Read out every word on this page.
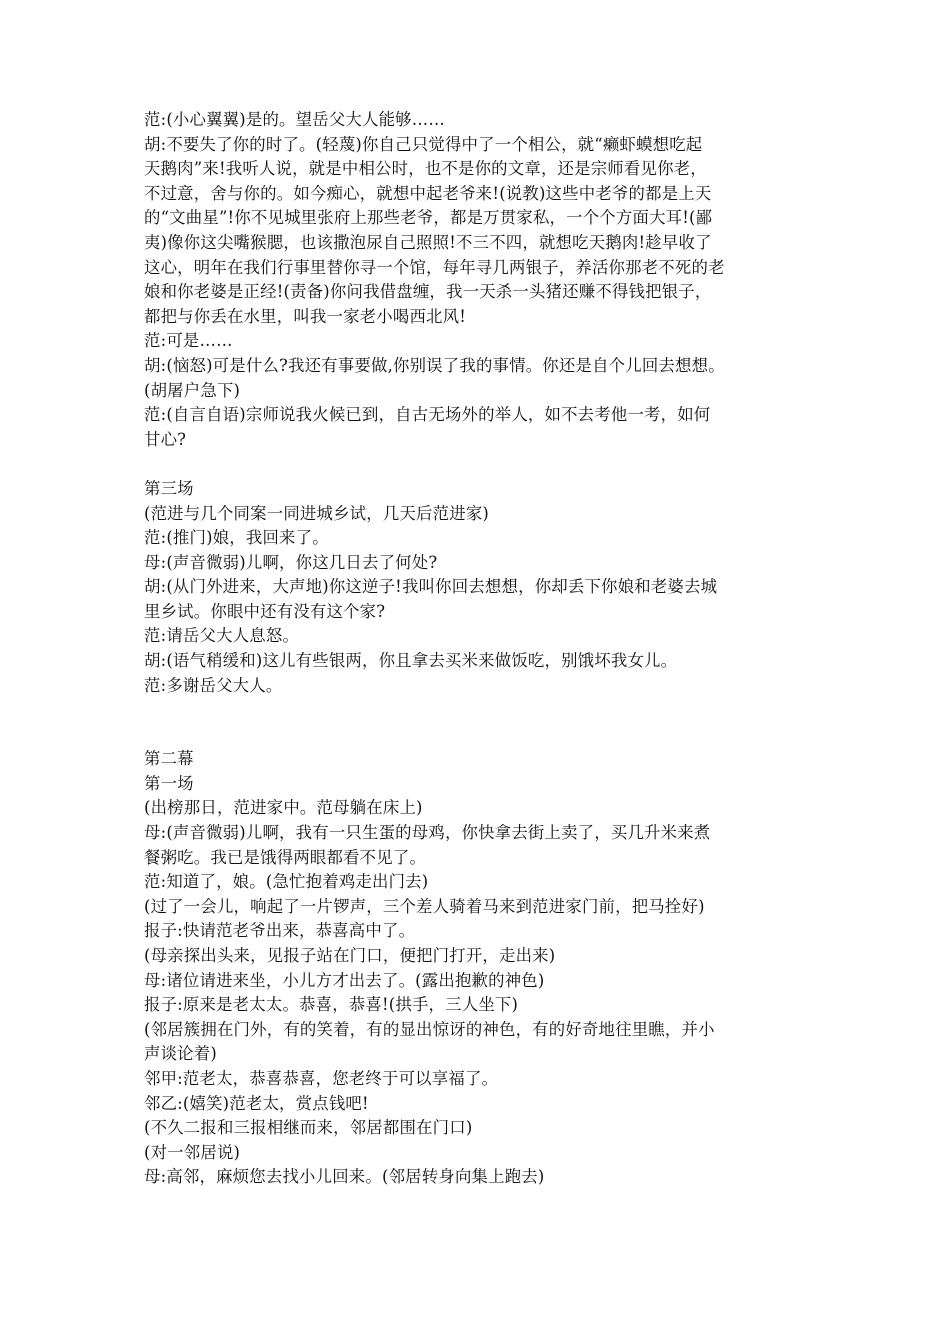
范:(小心翼翼)是的。望岳父大人能够……
胡:不要失了你的时了。(轻蔑)你自己只觉得中了一个相公，就“癞虾蟆想吃起
天鹅肉”来!我听人说，就是中相公时，也不是你的文章，还是宗师看见你老，
不过意，舍与你的。如今痴心，就想中起老爷来!(说教)这些中老爷的都是上天
的“文曲星”!你不见城里张府上那些老爷，都是万贯家私，一个个方面大耳!(鄙
夷)像你这尖嘴猴腮，也该撒泡尿自己照照!不三不四，就想吃天鹅肉!趁早收了
这心，明年在我们行事里替你寻一个馆，每年寻几两银子，养活你那老不死的老
娘和你老婆是正经!(责备)你问我借盘缠，我一天杀一头猪还赚不得钱把银子，
都把与你丢在水里，叫我一家老小喝西北风!
范:可是……
胡:(恼怒)可是什么?我还有事要做,你别误了我的事情。你还是自个儿回去想想。
(胡屠户急下)
范:(自言自语)宗师说我火候已到，自古无场外的举人，如不去考他一考，如何
甘心?
第三场
(范进与几个同案一同进城乡试，几天后范进家)
范:(推门)娘，我回来了。
母:(声音微弱)儿啊，你这几日去了何处?
胡:(从门外进来，大声地)你这逆子!我叫你回去想想，你却丢下你娘和老婆去城
里乡试。你眼中还有没有这个家?
范:请岳父大人息怒。
胡:(语气稍缓和)这儿有些银两，你且拿去买米来做饭吃，别饿坏我女儿。
范:多谢岳父大人。
第二幕
第一场
(出榜那日，范进家中。范母躺在床上)
母:(声音微弱)儿啊，我有一只生蛋的母鸡，你快拿去街上卖了，买几升米来煮
餐粥吃。我已是饿得两眼都看不见了。
范:知道了，娘。(急忙抱着鸡走出门去)
(过了一会儿，响起了一片锣声，三个差人骑着马来到范进家门前，把马拴好)
报子:快请范老爷出来，恭喜高中了。
(母亲探出头来，见报子站在门口，便把门打开，走出来)
母:诸位请进来坐，小儿方才出去了。(露出抱歉的神色)
报子:原来是老太太。恭喜，恭喜!(拱手，三人坐下)
(邻居簇拥在门外，有的笑着，有的显出惊讶的神色，有的好奇地往里瞧，并小
声谈论着)
邻甲:范老太，恭喜恭喜，您老终于可以享福了。
邻乙:(嬉笑)范老太，赏点钱吧!
(不久二报和三报相继而来，邻居都围在门口)
(对一邻居说)
母:高邻，麻烦您去找小儿回来。(邻居转身向集上跑去)
